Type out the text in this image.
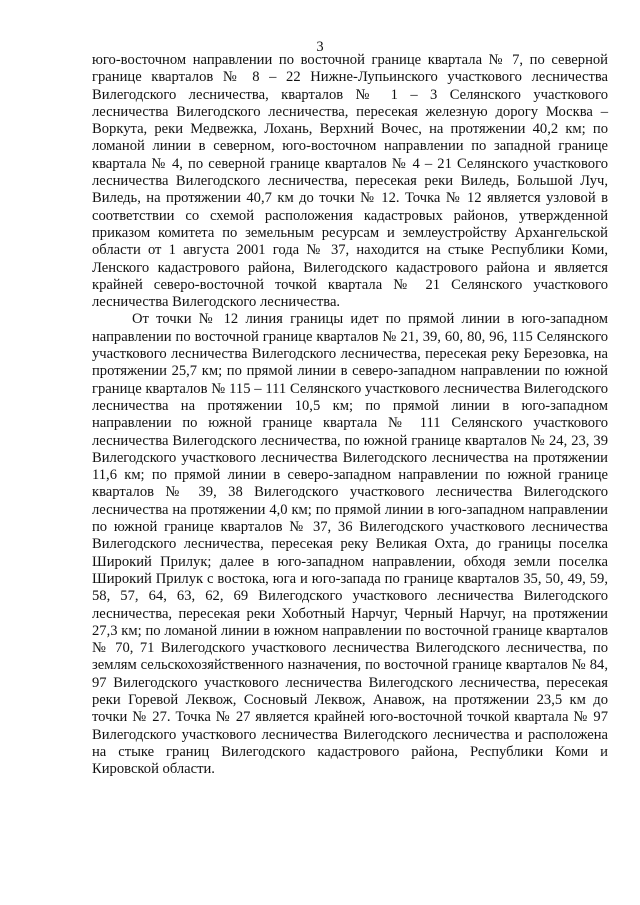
3

юго-восточном направлении по восточной границе квартала № 7, по северной границе кварталов № 8 – 22 Нижне-Лупьинского участкового лесничества Вилегодского лесничества, кварталов № 1 – 3 Селянского участкового лесничества Вилегодского лесничества, пересекая железную дорогу Москва – Воркута, реки Медвежка, Лохань, Верхний Вочес, на протяжении 40,2 км; по ломаной линии в северном, юго-восточном направлении по западной границе квартала № 4, по северной границе кварталов № 4 – 21 Селянского участкового лесничества Вилегодского лесничества, пересекая реки Виледь, Большой Луч, Виледь, на протяжении 40,7 км до точки № 12. Точка № 12 является узловой в соответствии со схемой расположения кадастровых районов, утвержденной приказом комитета по земельным ресурсам и землеустройству Архангельской области от 1 августа 2001 года № 37, находится на стыке Республики Коми, Ленского кадастрового района, Вилегодского кадастрового района и является крайней северо-восточной точкой квартала № 21 Селянского участкового лесничества Вилегодского лесничества.

От точки № 12 линия границы идет по прямой линии в юго-западном направлении по восточной границе кварталов № 21, 39, 60, 80, 96, 115 Селянского участкового лесничества Вилегодского лесничества, пересекая реку Березовка, на протяжении 25,7 км; по прямой линии в северо-западном направлении по южной границе кварталов № 115 – 111 Селянского участкового лесничества Вилегодского лесничества на протяжении 10,5 км; по прямой линии в юго-западном направлении по южной границе квартала № 111 Селянского участкового лесничества Вилегодского лесничества, по южной границе кварталов № 24, 23, 39 Вилегодского участкового лесничества Вилегодского лесничества на протяжении 11,6 км; по прямой линии в северо-западном направлении по южной границе кварталов № 39, 38 Вилегодского участкового лесничества Вилегодского лесничества на протяжении 4,0 км; по прямой линии в юго-западном направлении по южной границе кварталов № 37, 36 Вилегодского участкового лесничества Вилегодского лесничества, пересекая реку Великая Охта, до границы поселка Широкий Прилук; далее в юго-западном направлении, обходя земли поселка Широкий Прилук с востока, юга и юго-запада по границе кварталов 35, 50, 49, 59, 58, 57, 64, 63, 62, 69 Вилегодского участкового лесничества Вилегодского лесничества, пересекая реки Хоботный Нарчуг, Черный Нарчуг, на протяжении 27,3 км; по ломаной линии в южном направлении по восточной границе кварталов № 70, 71 Вилегодского участкового лесничества Вилегодского лесничества, по землям сельскохозяйственного назначения, по восточной границе кварталов № 84, 97 Вилегодского участкового лесничества Вилегодского лесничества, пересекая реки Горевой Леквож, Сосновый Леквож, Анавож, на протяжении 23,5 км до точки № 27. Точка № 27 является крайней юго-восточной точкой квартала № 97 Вилегодского участкового лесничества Вилегодского лесничества и расположена на стыке границ Вилегодского кадастрового района, Республики Коми и Кировской области.
